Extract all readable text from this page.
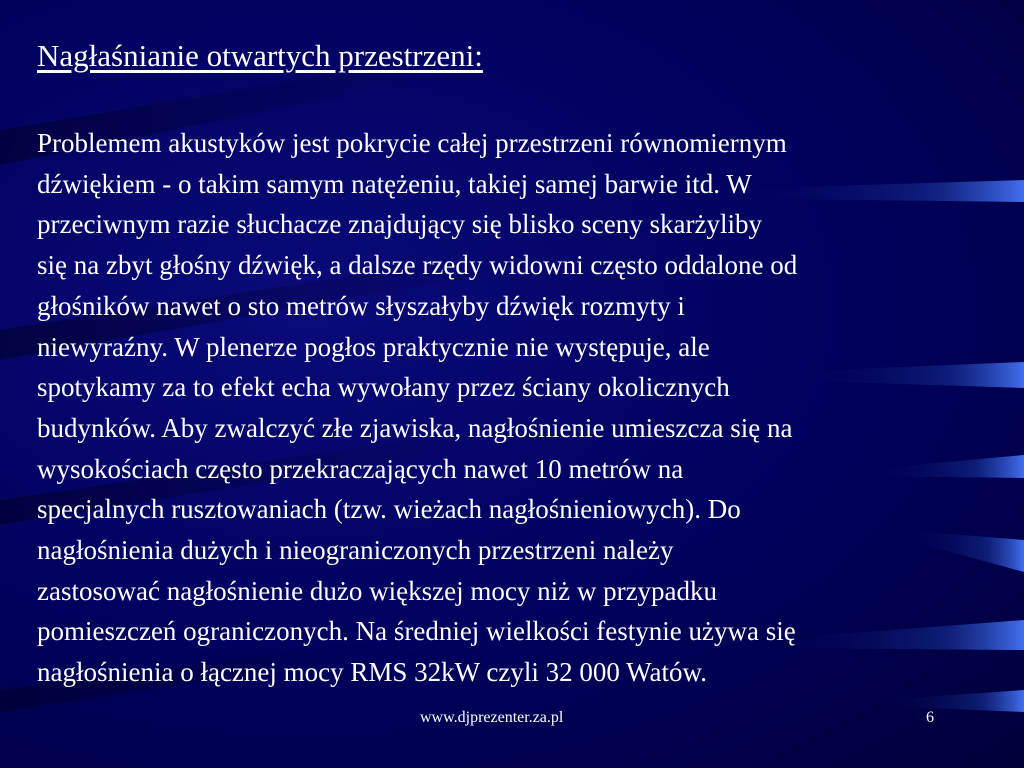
Nagłaśnianie otwartych przestrzeni:

Problemem akustyków jest pokrycie całej przestrzeni równomiernym
dźwiękiem - o takim samym natężeniu, takiej samej barwie itd. W
przeciwnym razie słuchacze znajdujący się blisko sceny skarżyliby
się na zbyt głośny dźwięk, a dalsze rzędy widowni często oddalone od
głośników nawet o sto metrów słyszałyby dźwięk rozmyty i
niewyraźny. W plenerze pogłos praktycznie nie występuje, ale
spotykamy za to efekt echa wywołany przez ściany okolicznych
budynków. Aby zwalczyć złe zjawiska, nagłośnienie umieszcza się na
wysokościach często przekraczających nawet 10 metrów na
specjalnych rusztowaniach (tzw. wieżach nagłośnieniowych). Do
nagłośnienia dużych i nieograniczonych przestrzeni należy
zastosować nagłośnienie dużo większej mocy niż w przypadku
pomieszczeń ograniczonych. Na średniej wielkości festynie używa się
nagłośnienia o łącznej mocy RMS 32kW czyli 32 000 Watów.

www.djprezenter.za.pl	6
